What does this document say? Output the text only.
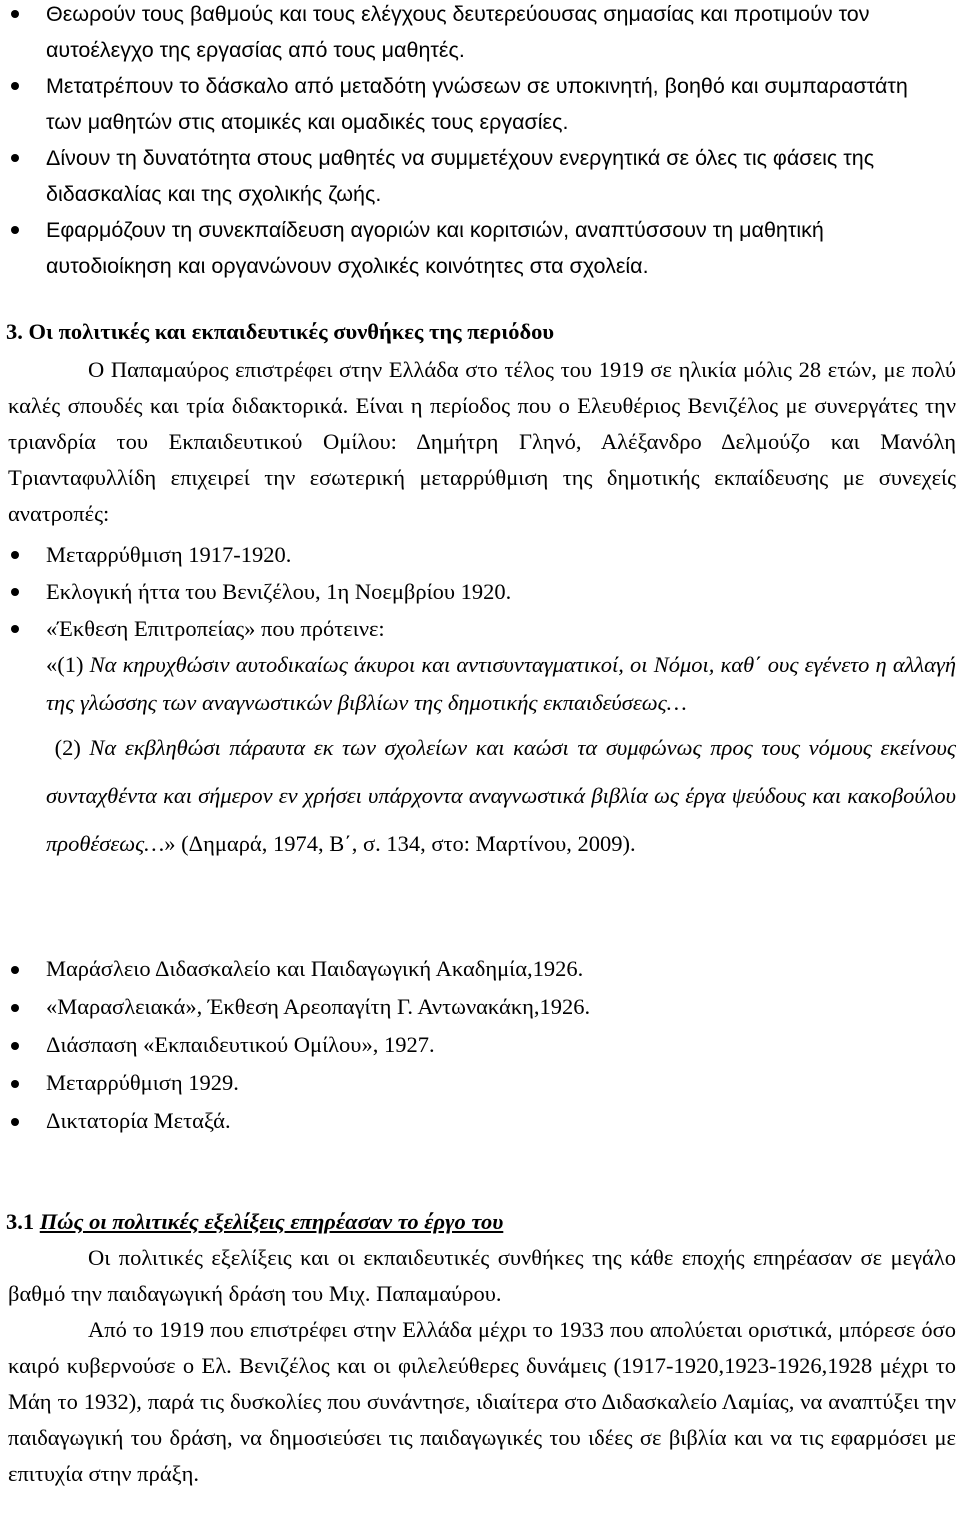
Θεωρούν τους βαθμούς και τους ελέγχους δευτερεύουσας σημασίας και προτιμούν τον αυτοέλεγχο της εργασίας από τους μαθητές.
Μετατρέπουν το δάσκαλο από μεταδότη γνώσεων σε υποκινητή, βοηθό και συμπαραστάτη των μαθητών στις ατομικές και ομαδικές τους εργασίες.
Δίνουν τη δυνατότητα στους μαθητές να συμμετέχουν ενεργητικά σε όλες τις φάσεις της διδασκαλίας και της σχολικής ζωής.
Εφαρμόζουν τη συνεκπαίδευση αγοριών και κοριτσιών, αναπτύσσουν τη μαθητική αυτοδιοίκηση και οργανώνουν σχολικές κοινότητες στα σχολεία.
3. Οι πολιτικές και εκπαιδευτικές συνθήκες της περιόδου

Ο Παπαμαύρος επιστρέφει στην Ελλάδα στο τέλος του 1919 σε ηλικία μόλις 28 ετών, με πολύ καλές σπουδές και τρία διδακτορικά. Είναι η περίοδος που ο Ελευθέριος Βενιζέλος με συνεργάτες την τριανδρία του Εκπαιδευτικού Ομίλου: Δημήτρη Γληνό, Αλέξανδρο Δελμούζο και Μανόλη Τριανταφυλλίδη επιχειρεί την εσωτερική μεταρρύθμιση της δημοτικής εκπαίδευσης με συνεχείς ανατροπές:

Μεταρρύθμιση 1917-1920.
Εκλογική ήττα του Βενιζέλου, 1η Νοεμβρίου 1920.
«Έκθεση Επιτροπείας» που πρότεινε:

«(1) Να κηρυχθώσιν αυτοδικαίως άκυροι και αντισυνταγματικοί, οι Νόμοι, καθ΄ ους εγένετο η αλλαγή της γλώσσης των αναγνωστικών βιβλίων της δημοτικής εκπαιδεύσεως…

(2) Να εκβληθώσι πάραυτα εκ των σχολείων και καώσι τα συμφώνως προς τους νόμους εκείνους συνταχθέντα και σήμερον εν χρήσει υπάρχοντα αναγνωστικά βιβλία ως έργα ψεύδους και κακοβούλου προθέσεως…» (Δημαρά, 1974, Β΄, σ. 134, στο: Μαρτίνου, 2009).

Μαράσλειο Διδασκαλείο και Παιδαγωγική Ακαδημία,1926.
«Μαρασλειακά», Έκθεση Αρεοπαγίτη Γ. Αντωνακάκη,1926.
Διάσπαση «Εκπαιδευτικού Ομίλου», 1927.
Μεταρρύθμιση 1929.
Δικτατορία Μεταξά.
3.1 Πώς οι πολιτικές εξελίξεις επηρέασαν το έργο του
Οι πολιτικές εξελίξεις και οι εκπαιδευτικές συνθήκες της κάθε εποχής επηρέασαν σε μεγάλο βαθμό την παιδαγωγική δράση του Μιχ. Παπαμαύρου.
Από το 1919 που επιστρέφει στην Ελλάδα μέχρι το 1933 που απολύεται οριστικά, μπόρεσε όσο καιρό κυβερνούσε ο Ελ. Βενιζέλος και οι φιλελεύθερες δυνάμεις (1917-1920,1923-1926,1928 μέχρι το Μάη το 1932), παρά τις δυσκολίες που συνάντησε, ιδιαίτερα στο Διδασκαλείο Λαμίας, να αναπτύξει την παιδαγωγική του δράση, να δημοσιεύσει τις παιδαγωγικές του ιδέες σε βιβλία και να τις εφαρμόσει με επιτυχία στην πράξη.
